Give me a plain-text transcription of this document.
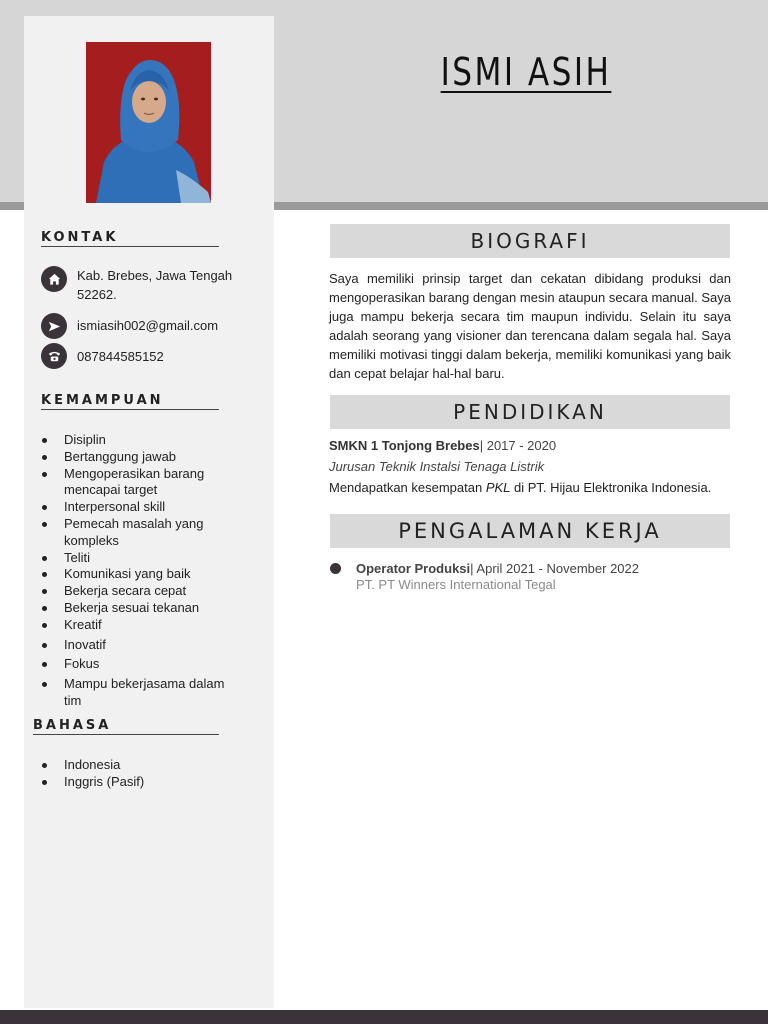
ISMI ASIH
KONTAK
Kab. Brebes, Jawa Tengah
52262.
ismiasih002@gmail.com
087844585152
KEMAMPUAN
Disiplin
Bertanggung jawab
Mengoperasikan barang mencapai target
Interpersonal skill
Pemecah masalah yang kompleks
Teliti
Komunikasi yang baik
Bekerja secara cepat
Bekerja sesuai tekanan
Kreatif
Inovatif
Fokus
Mampu bekerjasama dalam tim
BAHASA
Indonesia
Inggris (Pasif)
BIOGRAFI
Saya memiliki prinsip target dan cekatan dibidang produksi dan mengoperasikan barang dengan mesin ataupun secara manual. Saya juga mampu bekerja secara tim maupun individu. Selain itu saya adalah seorang yang visioner dan terencana dalam segala hal. Saya memiliki motivasi tinggi dalam bekerja, memiliki komunikasi yang baik dan cepat belajar hal-hal baru.
PENDIDIKAN
SMKN 1 Tonjong Brebes| 2017 - 2020
Jurusan Teknik Instalsi Tenaga Listrik
Mendapatkan kesempatan PKL di PT. Hijau Elektronika Indonesia.
PENGALAMAN KERJA
Operator Produksi| April 2021 - November 2022
PT. PT Winners International Tegal
